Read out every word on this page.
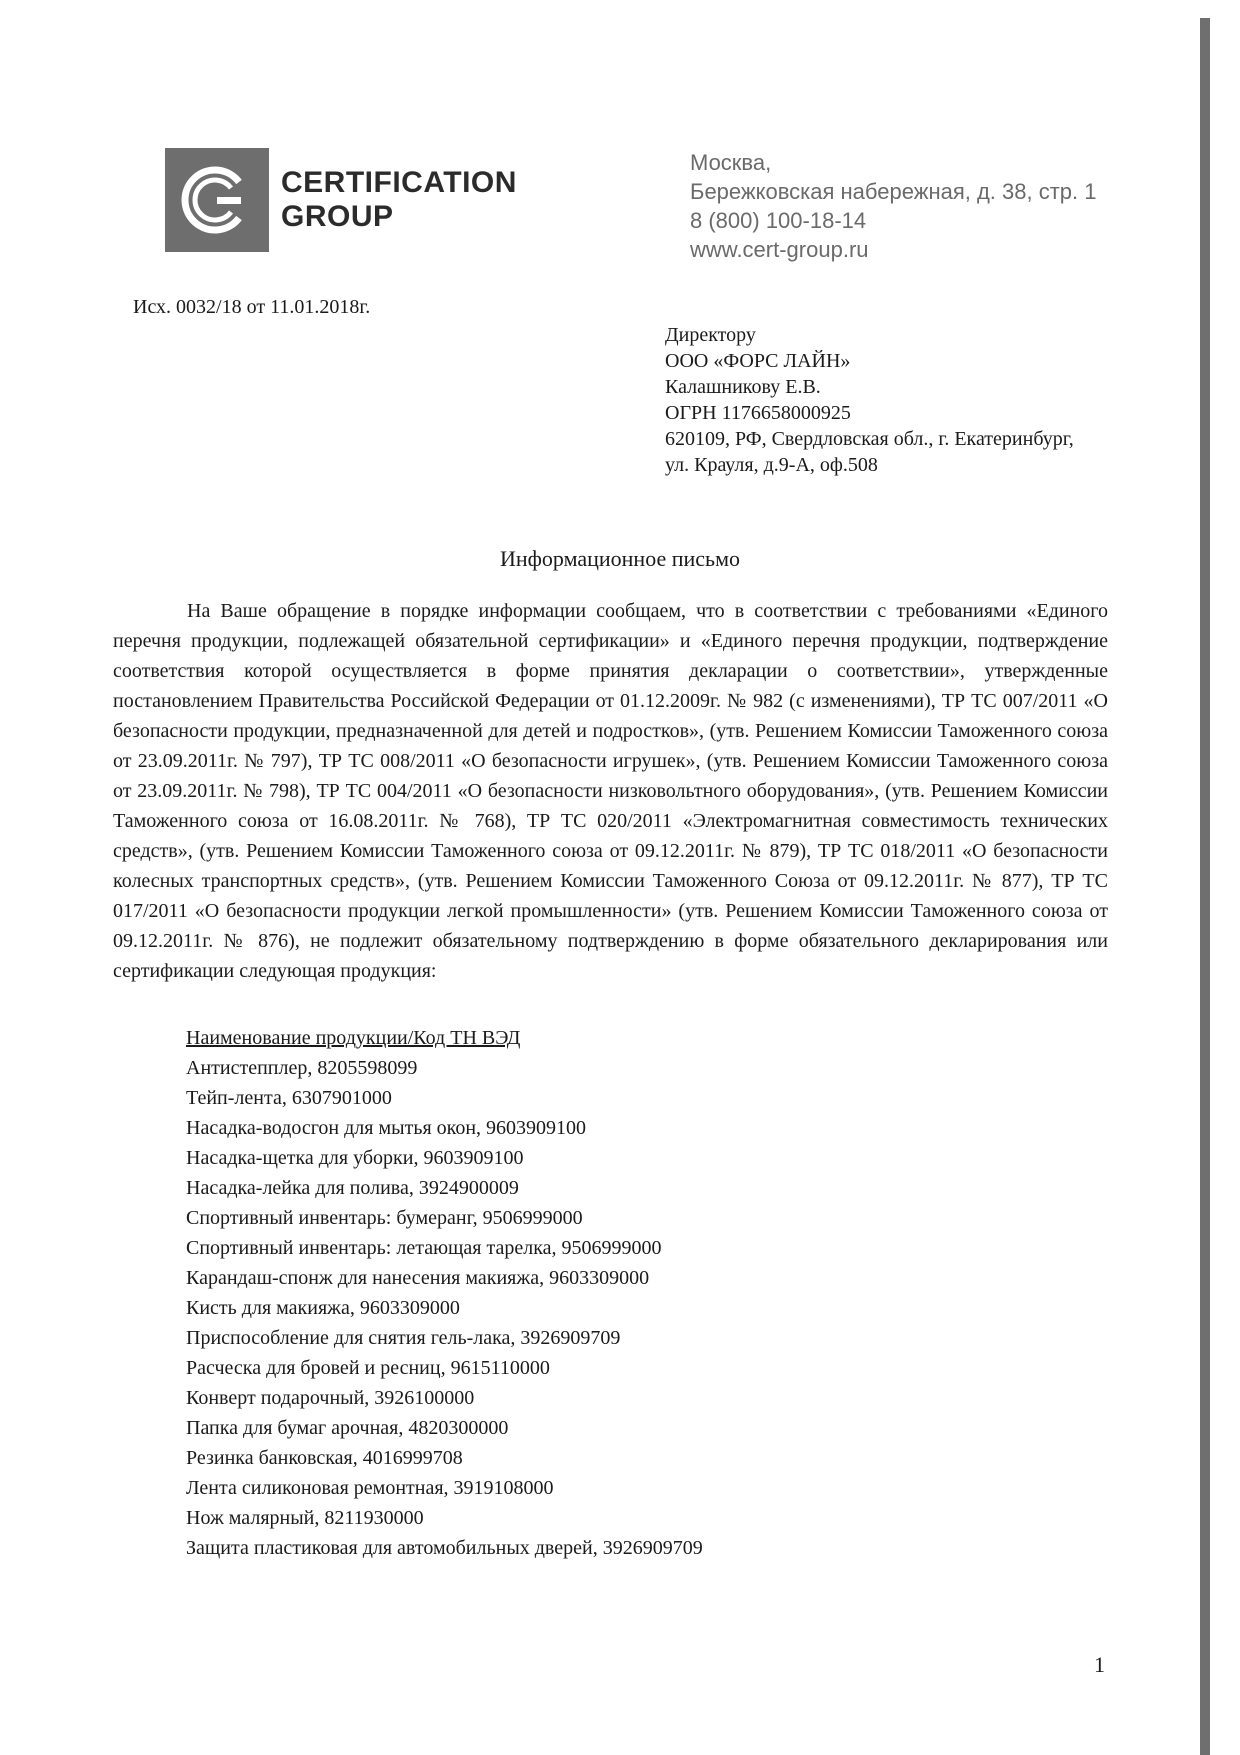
CERTIFICATION
GROUP
Москва,
Бережковская набережная, д. 38, стр. 1
8 (800) 100-18-14
www.cert-group.ru
Исх. 0032/18 от 11.01.2018г.
Директору
ООО «ФОРС ЛАЙН»
Калашникову Е.В.
ОГРН 1176658000925
620109, РФ, Свердловская обл., г. Екатеринбург,
ул. Крауля, д.9-А, оф.508
Информационное письмо

На Ваше обращение в порядке информации сообщаем, что в соответствии с требованиями «Единого перечня продукции, подлежащей обязательной сертификации» и «Единого перечня продукции, подтверждение соответствия которой осуществляется в форме принятия декларации о соответствии», утвержденные постановлением Правительства Российской Федерации от 01.12.2009г. № 982 (с изменениями), ТР ТС 007/2011 «О безопасности продукции, предназначенной для детей и подростков», (утв. Решением Комиссии Таможенного союза от 23.09.2011г. № 797), ТР ТС 008/2011 «О безопасности игрушек», (утв. Решением Комиссии Таможенного союза от 23.09.2011г. № 798), ТР ТС 004/2011 «О безопасности низковольтного оборудования», (утв. Решением Комиссии Таможенного союза от 16.08.2011г. № 768), ТР ТС 020/2011 «Электромагнитная совместимость технических средств», (утв. Решением Комиссии Таможенного союза от 09.12.2011г. № 879), ТР ТС 018/2011 «О безопасности колесных транспортных средств», (утв. Решением Комиссии Таможенного Союза от 09.12.2011г. № 877), ТР ТС 017/2011 «О безопасности продукции легкой промышленности» (утв. Решением Комиссии Таможенного союза от 09.12.2011г. № 876), не подлежит обязательному подтверждению в форме обязательного декларирования или сертификации следующая продукция:

Наименование продукции/Код ТН ВЭД
Антистепплер, 8205598099
Тейп-лента, 6307901000
Насадка-водосгон для мытья окон, 9603909100
Насадка-щетка для уборки, 9603909100
Насадка-лейка для полива, 3924900009
Спортивный инвентарь: бумеранг, 9506999000
Спортивный инвентарь: летающая тарелка, 9506999000
Карандаш-спонж для нанесения макияжа, 9603309000
Кисть для макияжа, 9603309000
Приспособление для снятия гель-лака, 3926909709
Расческа для бровей и ресниц, 9615110000
Конверт подарочный, 3926100000
Папка для бумаг арочная, 4820300000
Резинка банковская, 4016999708
Лента силиконовая ремонтная, 3919108000
Нож малярный, 8211930000
Защита пластиковая для автомобильных дверей, 3926909709
1
